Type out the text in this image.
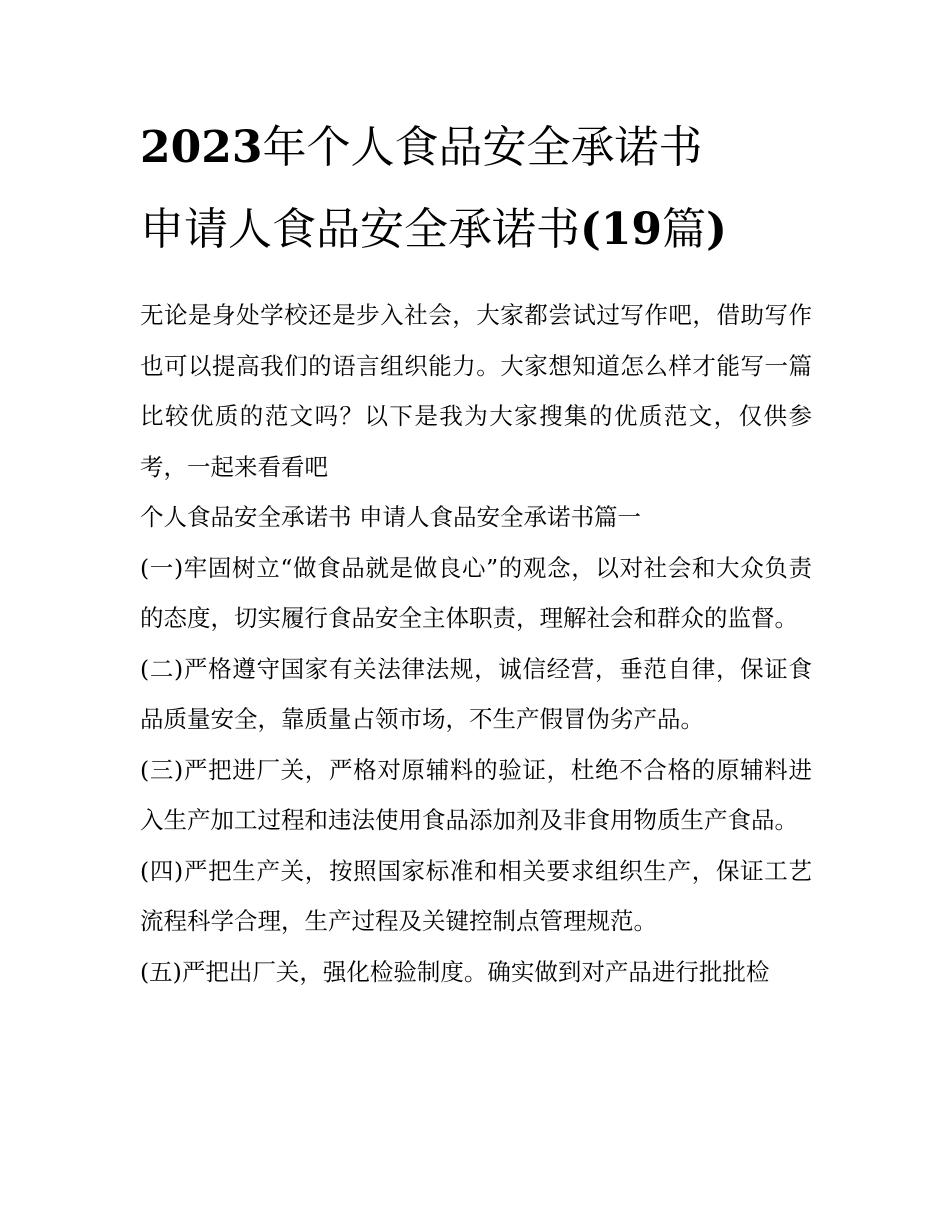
2023年个人食品安全承诺书
申请人食品安全承诺书(19篇)

无论是身处学校还是步入社会，大家都尝试过写作吧，借助写作也可以提高我们的语言组织能力。大家想知道怎么样才能写一篇比较优质的范文吗？以下是我为大家搜集的优质范文，仅供参考，一起来看看吧

个人食品安全承诺书 申请人食品安全承诺书篇一

(一)牢固树立“做食品就是做良心”的观念，以对社会和大众负责的态度，切实履行食品安全主体职责，理解社会和群众的监督。

(二)严格遵守国家有关法律法规，诚信经营，垂范自律，保证食品质量安全，靠质量占领市场，不生产假冒伪劣产品。

(三)严把进厂关，严格对原辅料的验证，杜绝不合格的原辅料进入生产加工过程和违法使用食品添加剂及非食用物质生产食品。

(四)严把生产关，按照国家标准和相关要求组织生产，保证工艺流程科学合理，生产过程及关键控制点管理规范。

(五)严把出厂关，强化检验制度。确实做到对产品进行批批检
